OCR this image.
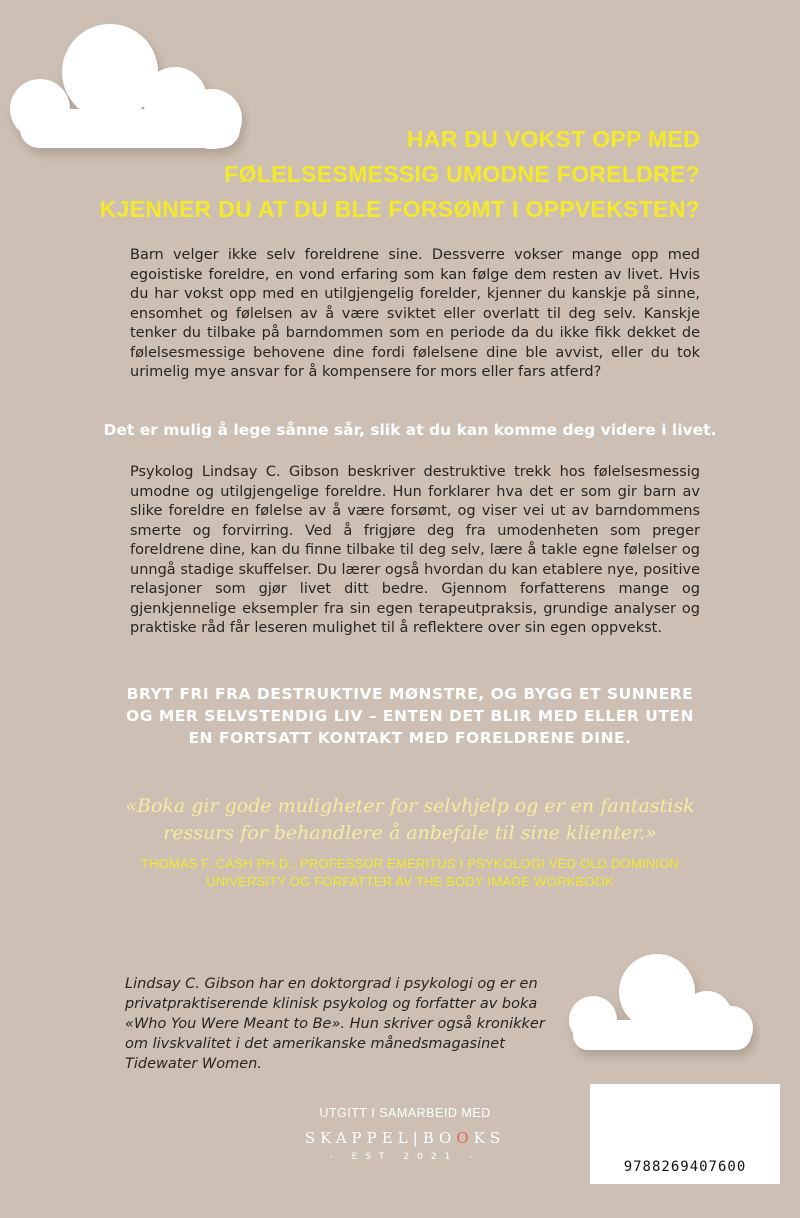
HAR DU VOKST OPP MED
FØLELSESMESSIG UMODNE FORELDRE?
KJENNER DU AT DU BLE FORSØMT I OPPVEKSTEN?
Barn velger ikke selv foreldrene sine. Dessverre vokser mange opp med egoistiske foreldre, en vond erfaring som kan følge dem resten av livet. Hvis du har vokst opp med en utilgjengelig forelder, kjenner du kanskje på sinne, ensomhet og følelsen av å være sviktet eller overlatt til deg selv. Kanskje tenker du tilbake på barndommen som en periode da du ikke fikk dekket de følelsesmessige behovene dine fordi følelsene dine ble avvist, eller du tok urimelig mye ansvar for å kompensere for mors eller fars atferd?
Det er mulig å lege sånne sår, slik at du kan komme deg videre i livet.
Psykolog Lindsay C. Gibson beskriver destruktive trekk hos følelsesmessig umodne og utilgjengelige foreldre. Hun forklarer hva det er som gir barn av slike foreldre en følelse av å være forsømt, og viser vei ut av barndommens smerte og forvirring. Ved å frigjøre deg fra umodenheten som preger foreldrene dine, kan du finne tilbake til deg selv, lære å takle egne følelser og unngå stadige skuffelser. Du lærer også hvordan du kan etablere nye, positive relasjoner som gjør livet ditt bedre. Gjennom forfatterens mange og gjenkjennelige eksempler fra sin egen terapeutpraksis, grundige analyser og praktiske råd får leseren mulighet til å reflektere over sin egen oppvekst.
BRYT FRI FRA DESTRUKTIVE MØNSTRE, OG BYGG ET SUNNERE
OG MER SELVSTENDIG LIV – ENTEN DET BLIR MED ELLER UTEN
EN FORTSATT KONTAKT MED FORELDRENE DINE.
«Boka gir gode muligheter for selvhjelp og er en fantastisk ressurs for behandlere å anbefale til sine klienter.»
THOMAS F. CASH PH.D., PROFESSOR EMERITUS I PSYKOLOGI VED OLD DOMINION
UNIVERSITY OG FORFATTER AV THE BODY IMAGE WORKBOOK
Lindsay C. Gibson har en doktorgrad i psykologi og er en privatpraktiserende klinisk psykolog og forfatter av boka «Who You Were Meant to Be». Hun skriver også kronikker om livskvalitet i det amerikanske månedsmagasinet Tidewater Women.
UTGITT I SAMARBEID MED
SKAPPEL|BOOKS
- EST 2021 -
9788269407600
